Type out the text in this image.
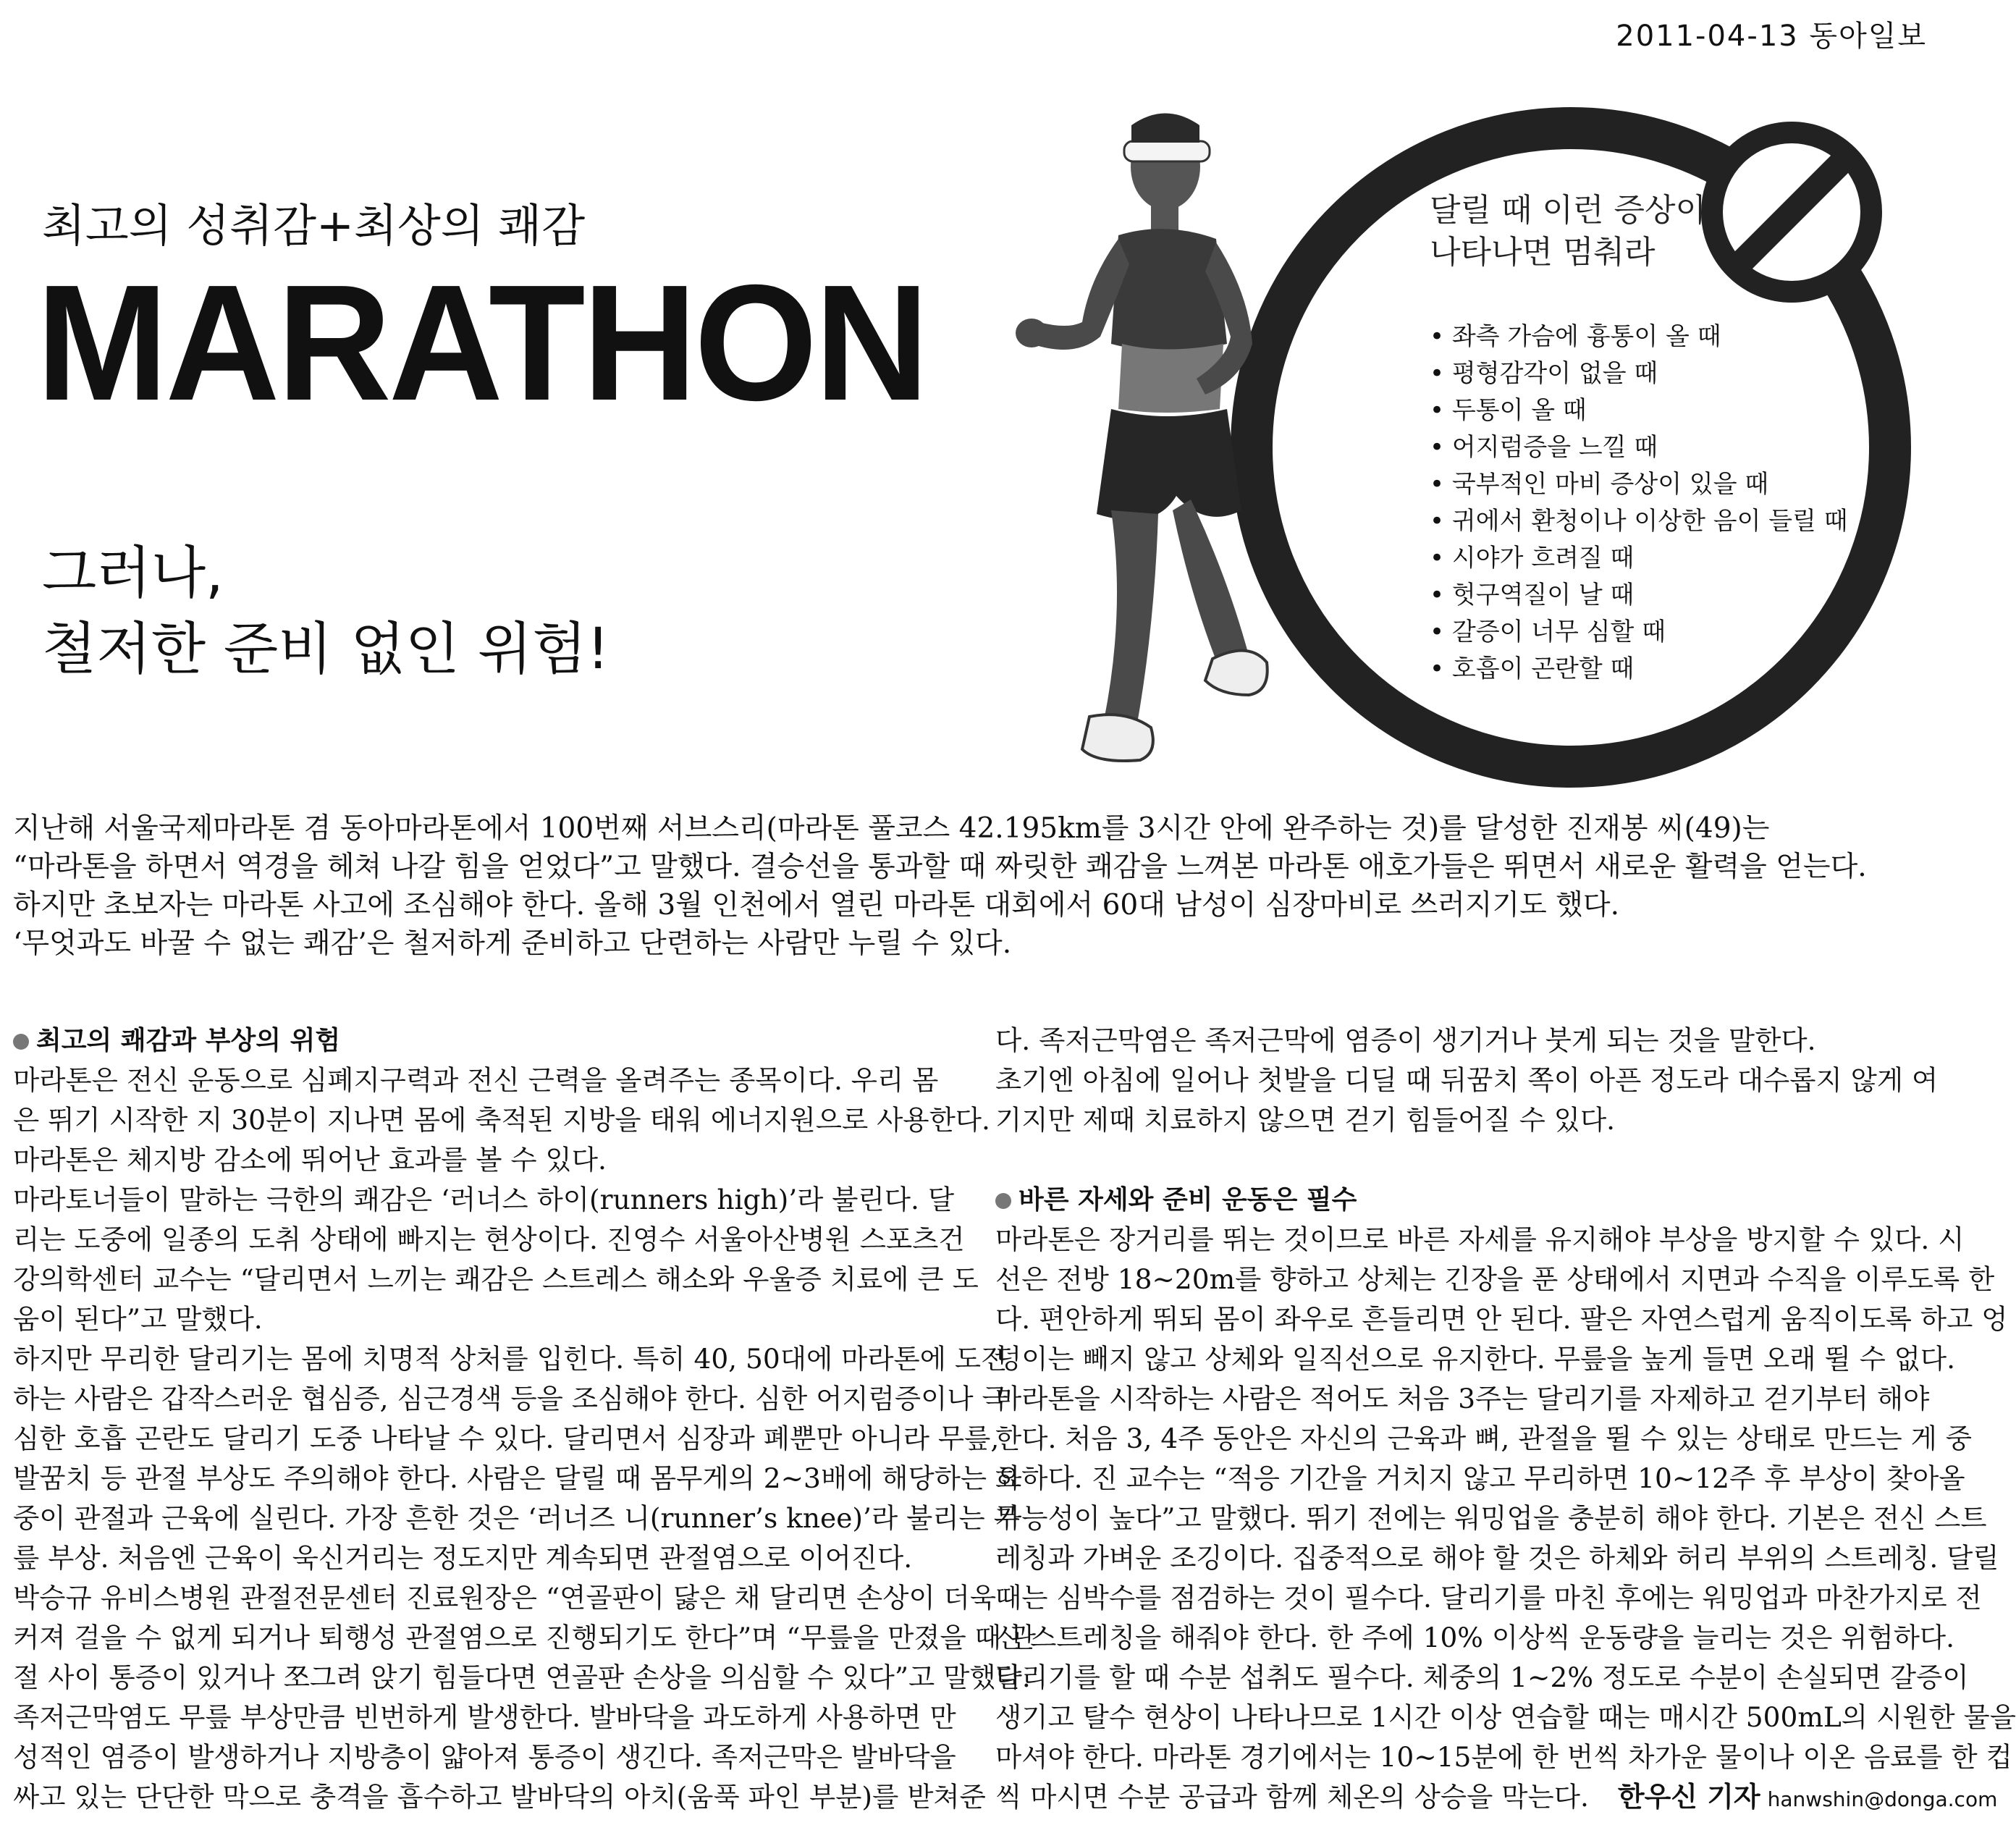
2011-04-13 동아일보
최고의 성취감+최상의 쾌감
MARATHON
그러나,
철저한 준비 없인 위험!
달릴 때 이런 증상이
나타나면 멈춰라
• 좌측 가슴에 흉통이 올 때
• 평형감각이 없을 때
• 두통이 올 때
• 어지럼증을 느낄 때
• 국부적인 마비 증상이 있을 때
• 귀에서 환청이나 이상한 음이 들릴 때
• 시야가 흐려질 때
• 헛구역질이 날 때
• 갈증이 너무 심할 때
• 호흡이 곤란할 때
지난해 서울국제마라톤 겸 동아마라톤에서 100번째 서브스리(마라톤 풀코스 42.195km를 3시간 안에 완주하는 것)를 달성한 진재봉 씨(49)는
“마라톤을 하면서 역경을 헤쳐 나갈 힘을 얻었다”고 말했다. 결승선을 통과할 때 짜릿한 쾌감을 느껴본 마라톤 애호가들은 뛰면서 새로운 활력을 얻는다.
하지만 초보자는 마라톤 사고에 조심해야 한다. 올해 3월 인천에서 열린 마라톤 대회에서 60대 남성이 심장마비로 쓰러지기도 했다.
‘무엇과도 바꿀 수 없는 쾌감’은 철저하게 준비하고 단련하는 사람만 누릴 수 있다.
최고의 쾌감과 부상의 위험
마라톤은 전신 운동으로 심폐지구력과 전신 근력을 올려주는 종목이다. 우리 몸
은 뛰기 시작한 지 30분이 지나면 몸에 축적된 지방을 태워 에너지원으로 사용한다.
마라톤은 체지방 감소에 뛰어난 효과를 볼 수 있다.
마라토너들이 말하는 극한의 쾌감은 ‘러너스 하이(runners high)’라 불린다. 달
리는 도중에 일종의 도취 상태에 빠지는 현상이다. 진영수 서울아산병원 스포츠건
강의학센터 교수는 “달리면서 느끼는 쾌감은 스트레스 해소와 우울증 치료에 큰 도
움이 된다”고 말했다.
하지만 무리한 달리기는 몸에 치명적 상처를 입힌다. 특히 40, 50대에 마라톤에 도전
하는 사람은 갑작스러운 협심증, 심근경색 등을 조심해야 한다. 심한 어지럼증이나 극
심한 호흡 곤란도 달리기 도중 나타날 수 있다. 달리면서 심장과 폐뿐만 아니라 무릎,
발꿈치 등 관절 부상도 주의해야 한다. 사람은 달릴 때 몸무게의 2~3배에 해당하는 하
중이 관절과 근육에 실린다. 가장 흔한 것은 ‘러너즈 니(runner’s knee)’라 불리는 무
릎 부상. 처음엔 근육이 욱신거리는 정도지만 계속되면 관절염으로 이어진다.
박승규 유비스병원 관절전문센터 진료원장은 “연골판이 닳은 채 달리면 손상이 더욱
커져 걸을 수 없게 되거나 퇴행성 관절염으로 진행되기도 한다”며 “무릎을 만졌을 때 관
절 사이 통증이 있거나 쪼그려 앉기 힘들다면 연골판 손상을 의심할 수 있다”고 말했다.
족저근막염도 무릎 부상만큼 빈번하게 발생한다. 발바닥을 과도하게 사용하면 만
성적인 염증이 발생하거나 지방층이 얇아져 통증이 생긴다. 족저근막은 발바닥을
싸고 있는 단단한 막으로 충격을 흡수하고 발바닥의 아치(움푹 파인 부분)를 받쳐준
다. 족저근막염은 족저근막에 염증이 생기거나 붓게 되는 것을 말한다.
초기엔 아침에 일어나 첫발을 디딜 때 뒤꿈치 쪽이 아픈 정도라 대수롭지 않게 여
기지만 제때 치료하지 않으면 걷기 힘들어질 수 있다.
바른 자세와 준비 운동은 필수
마라톤은 장거리를 뛰는 것이므로 바른 자세를 유지해야 부상을 방지할 수 있다. 시
선은 전방 18~20m를 향하고 상체는 긴장을 푼 상태에서 지면과 수직을 이루도록 한
다. 편안하게 뛰되 몸이 좌우로 흔들리면 안 된다. 팔은 자연스럽게 움직이도록 하고 엉
덩이는 빼지 않고 상체와 일직선으로 유지한다. 무릎을 높게 들면 오래 뛸 수 없다.
마라톤을 시작하는 사람은 적어도 처음 3주는 달리기를 자제하고 걷기부터 해야
한다. 처음 3, 4주 동안은 자신의 근육과 뼈, 관절을 뛸 수 있는 상태로 만드는 게 중
요하다. 진 교수는 “적응 기간을 거치지 않고 무리하면 10~12주 후 부상이 찾아올
가능성이 높다”고 말했다. 뛰기 전에는 워밍업을 충분히 해야 한다. 기본은 전신 스트
레칭과 가벼운 조깅이다. 집중적으로 해야 할 것은 하체와 허리 부위의 스트레칭. 달릴
때는 심박수를 점검하는 것이 필수다. 달리기를 마친 후에는 워밍업과 마찬가지로 전
신 스트레칭을 해줘야 한다. 한 주에 10% 이상씩 운동량을 늘리는 것은 위험하다.
달리기를 할 때 수분 섭취도 필수다. 체중의 1~2% 정도로 수분이 손실되면 갈증이
생기고 탈수 현상이 나타나므로 1시간 이상 연습할 때는 매시간 500mL의 시원한 물을
마셔야 한다. 마라톤 경기에서는 10~15분에 한 번씩 차가운 물이나 이온 음료를 한 컵
씩 마시면 수분 공급과 함께 체온의 상승을 막는다. 한우신 기자 hanwshin@donga.com
